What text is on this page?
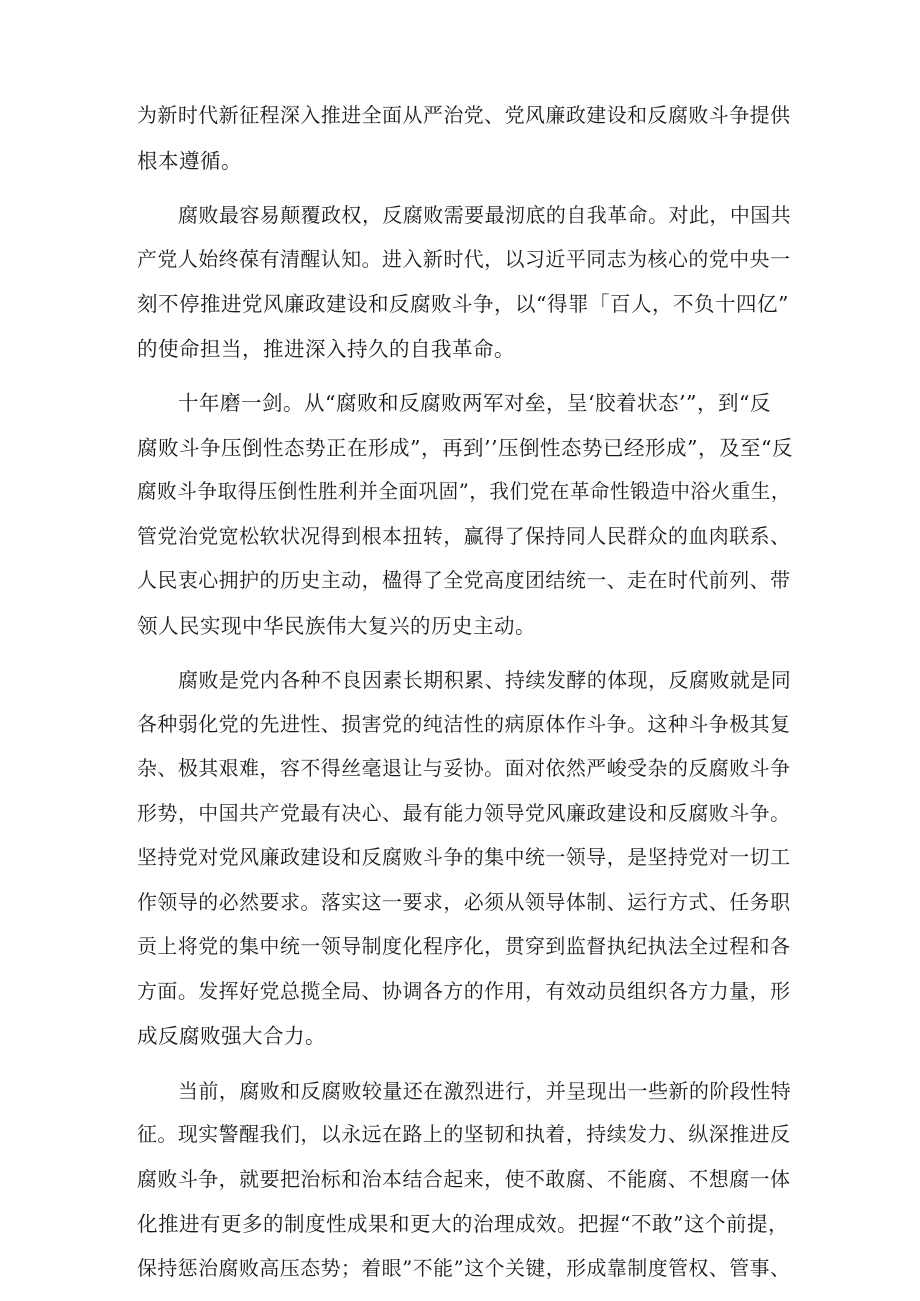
为新时代新征程深入推进全面从严治党、党风廉政建设和反腐败斗争提供
根本遵循。

腐败最容易颠覆政权，反腐败需要最沏底的自我革命。对此，中国共
产党人始终葆有清醒认知。进入新时代，以习近平同志为核心的党中央一
刻不停推进党风廉政建设和反腐败斗争，以“得罪「百人，不负十四亿”
的使命担当，推进深入持久的自我革命。

十年磨一剑。从“腐败和反腐败两军对垒，呈‘胶着状态’”，到“反
腐败斗争压倒性态势正在形成”，再到’’压倒性态势已经形成”，及至“反
腐败斗争取得压倒性胜利并全面巩固”，我们党在革命性锻造中浴火重生，
管党治党宽松软状况得到根本扭转，赢得了保持同人民群众的血肉联系、
人民衷心拥护的历史主动，楹得了全党高度团结统一、走在时代前列、带
领人民实现中华民族伟大复兴的历史主动。

腐败是党内各种不良因素长期积累、持续发酵的体现，反腐败就是同
各种弱化党的先进性、损害党的纯洁性的病原体作斗争。这种斗争极其复
杂、极其艰难，容不得丝毫退让与妥协。面对依然严峻受杂的反腐败斗争
形势，中国共产党最有决心、最有能力领导党风廉政建设和反腐败斗争。
坚持党对党风廉政建设和反腐败斗争的集中统一领导，是坚持党对一切工
作领导的必然要求。落实这一要求，必须从领导体制、运行方式、任务职
贡上将党的集中统一领导制度化程序化，贯穿到监督执纪执法全过程和各
方面。发挥好党总揽全局、协调各方的作用，有效动员组织各方力量，形
成反腐败强大合力。

当前，腐败和反腐败较量还在激烈进行，并呈现出一些新的阶段性特
征。现实警醒我们，以永远在路上的坚韧和执着，持续发力、纵深推进反
腐败斗争，就要把治标和治本结合起来，使不敢腐、不能腐、不想腐一体
化推进有更多的制度性成果和更大的治理成效。把握“不敢”这个前提，
保持惩治腐败高压态势；着眼”不能”这个关键，形成靠制度管权、管事、
